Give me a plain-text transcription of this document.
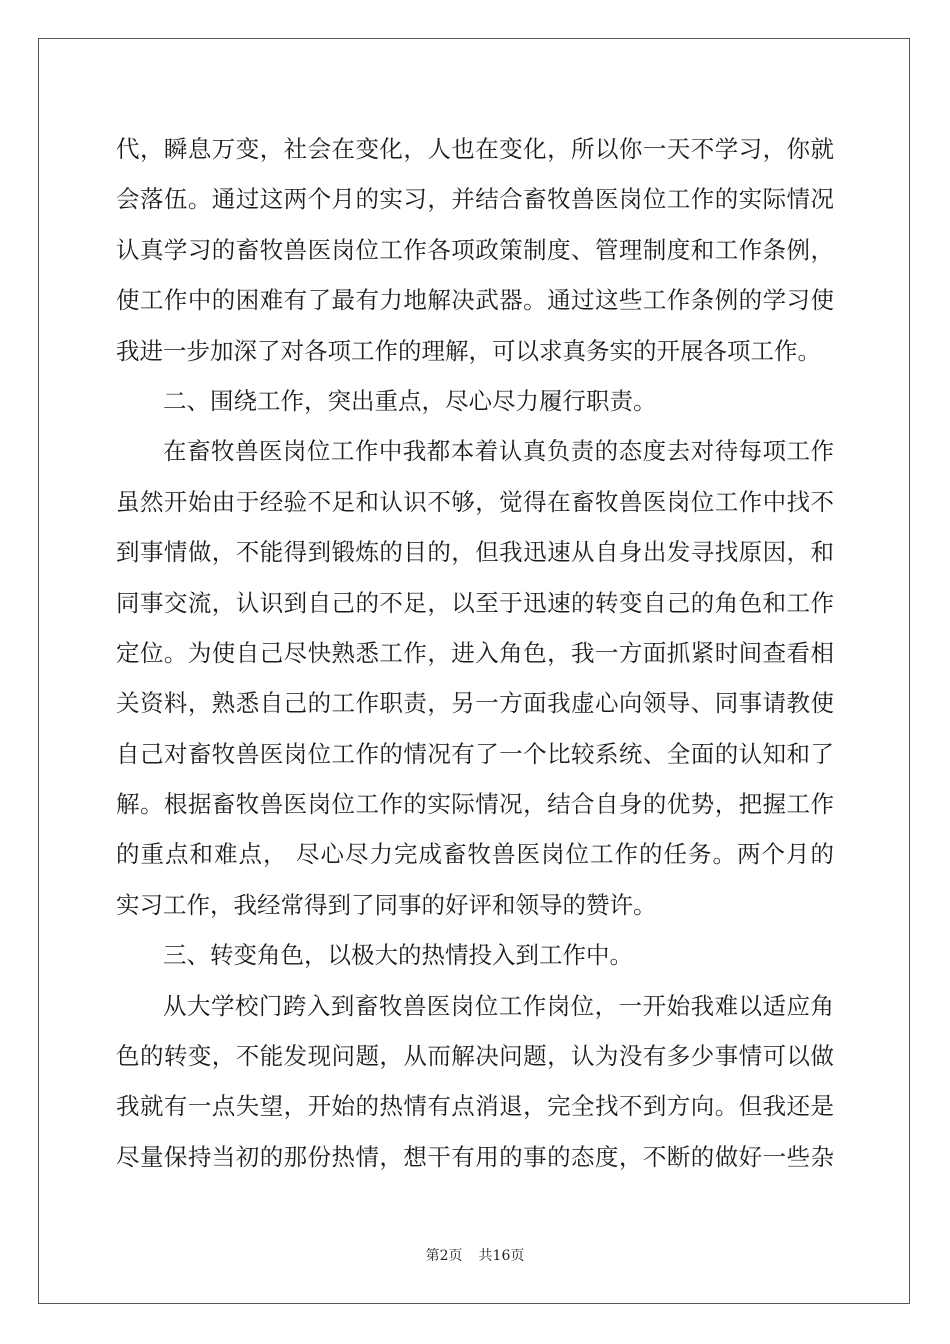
代，瞬息万变，社会在变化，人也在变化，所以你一天不学习，你就
会落伍。通过这两个月的实习，并结合畜牧兽医岗位工作的实际情况
认真学习的畜牧兽医岗位工作各项政策制度、管理制度和工作条例，
使工作中的困难有了最有力地解决武器。通过这些工作条例的学习使
我进一步加深了对各项工作的理解，可以求真务实的开展各项工作。
二、围绕工作，突出重点，尽心尽力履行职责。
在畜牧兽医岗位工作中我都本着认真负责的态度去对待每项工作
虽然开始由于经验不足和认识不够，觉得在畜牧兽医岗位工作中找不
到事情做，不能得到锻炼的目的，但我迅速从自身出发寻找原因，和
同事交流，认识到自己的不足，以至于迅速的转变自己的角色和工作
定位。为使自己尽快熟悉工作，进入角色，我一方面抓紧时间查看相
关资料，熟悉自己的工作职责，另一方面我虚心向领导、同事请教使
自己对畜牧兽医岗位工作的情况有了一个比较系统、全面的认知和了
解。根据畜牧兽医岗位工作的实际情况，结合自身的优势，把握工作
的重点和难点， 尽心尽力完成畜牧兽医岗位工作的任务。两个月的
实习工作，我经常得到了同事的好评和领导的赞许。
三、转变角色，以极大的热情投入到工作中。
从大学校门跨入到畜牧兽医岗位工作岗位，一开始我难以适应角
色的转变，不能发现问题，从而解决问题，认为没有多少事情可以做
我就有一点失望，开始的热情有点消退，完全找不到方向。但我还是
尽量保持当初的那份热情，想干有用的事的态度，不断的做好一些杂
第2页 共16页
